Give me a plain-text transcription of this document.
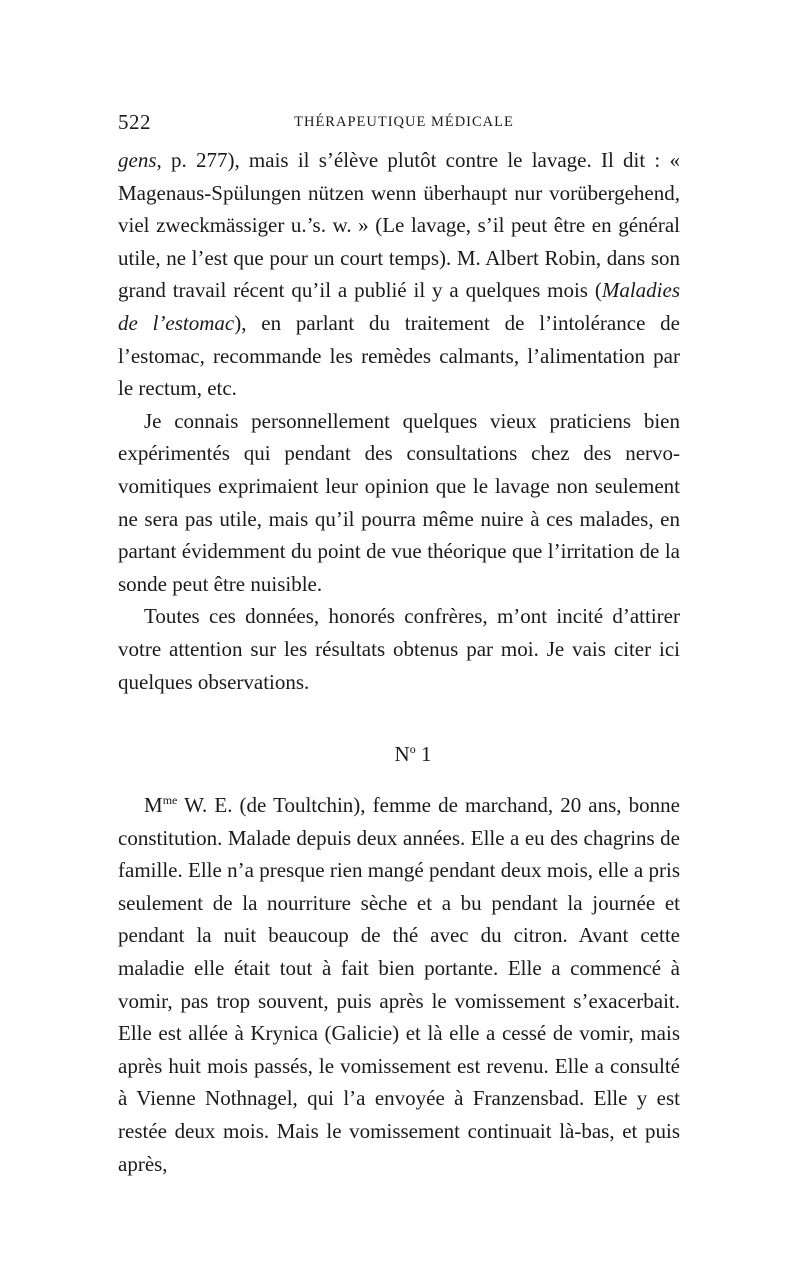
522	THÉRAPEUTIQUE MÉDICALE

gens, p. 277), mais il s’élève plutôt contre le lavage. Il dit : « Magenaus-Spülungen nützen wenn überhaupt nur vorübergehend, viel zweckmässiger u.’s. w. » (Le lavage, s’il peut être en général utile, ne l’est que pour un court temps). M. Albert Robin, dans son grand travail récent qu’il a publié il y a quelques mois (Maladies de l’estomac), en parlant du traitement de l’intolérance de l’estomac, recommande les remèdes calmants, l’alimentation par le rectum, etc.

Je connais personnellement quelques vieux praticiens bien expérimentés qui pendant des consultations chez des nervo-vomitiques exprimaient leur opinion que le lavage non seulement ne sera pas utile, mais qu’il pourra même nuire à ces malades, en partant évidemment du point de vue théorique que l’irritation de la sonde peut être nuisible.

Toutes ces données, honorés confrères, m’ont incité d’attirer votre attention sur les résultats obtenus par moi. Je vais citer ici quelques observations.

$N^o$ 1

$M^{me}$ W. E. (de Toultchin), femme de marchand, 20 ans, bonne constitution. Malade depuis deux années. Elle a eu des chagrins de famille. Elle n’a presque rien mangé pendant deux mois, elle a pris seulement de la nourriture sèche et a bu pendant la journée et pendant la nuit beaucoup de thé avec du citron. Avant cette maladie elle était tout à fait bien portante. Elle a commencé à vomir, pas trop souvent, puis après le vomissement s’exacerbait. Elle est allée à Krynica (Galicie) et là elle a cessé de vomir, mais après huit mois passés, le vomissement est revenu. Elle a consulté à Vienne Nothnagel, qui l’a envoyée à Franzensbad. Elle y est restée deux mois. Mais le vomissement continuait là-bas, et puis après,
